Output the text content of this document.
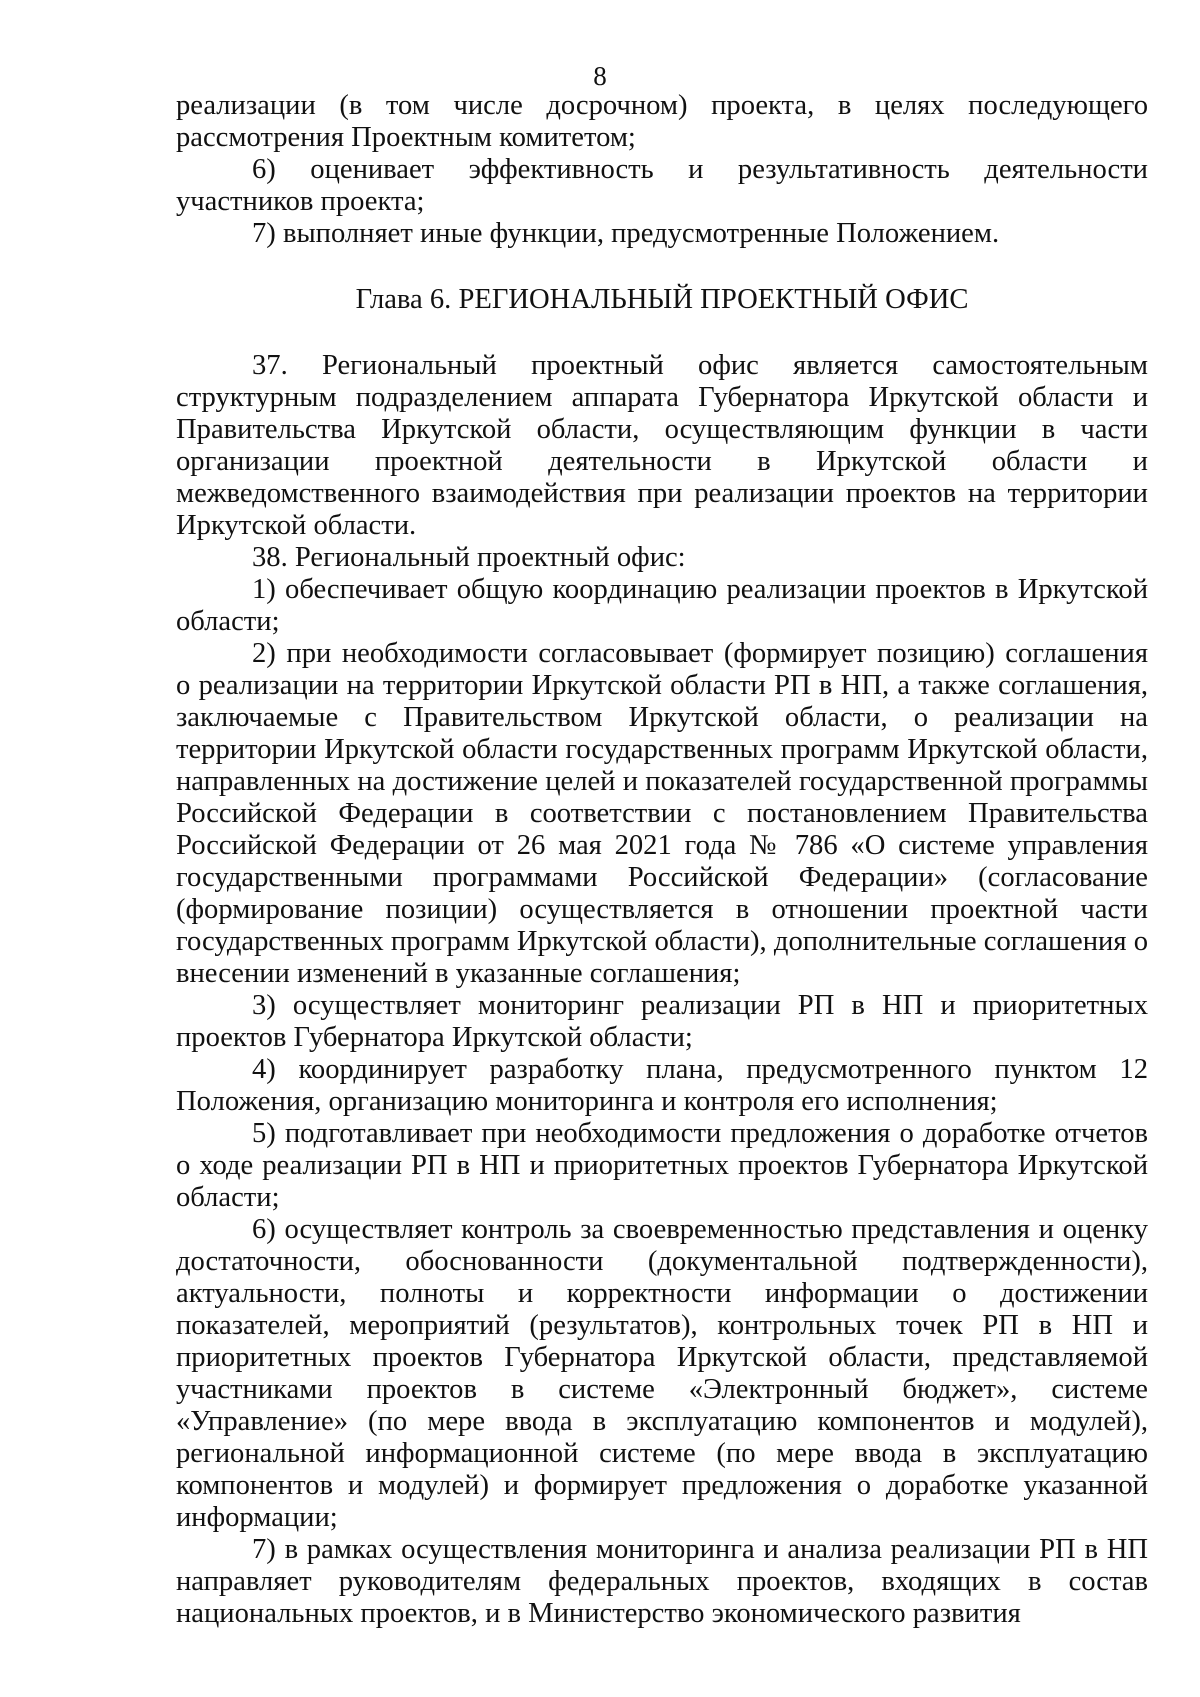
8

реализации (в том числе досрочном) проекта, в целях последующего рассмотрения Проектным комитетом;

6) оценивает эффективность и результативность деятельности участников проекта;

7) выполняет иные функции, предусмотренные Положением.

Глава 6. РЕГИОНАЛЬНЫЙ ПРОЕКТНЫЙ ОФИС

37. Региональный проектный офис является самостоятельным структурным подразделением аппарата Губернатора Иркутской области и Правительства Иркутской области, осуществляющим функции в части организации проектной деятельности в Иркутской области и межведомственного взаимодействия при реализации проектов на территории Иркутской области.

38. Региональный проектный офис:

1) обеспечивает общую координацию реализации проектов в Иркутской области;

2) при необходимости согласовывает (формирует позицию) соглашения о реализации на территории Иркутской области РП в НП, а также соглашения, заключаемые с Правительством Иркутской области, о реализации на территории Иркутской области государственных программ Иркутской области, направленных на достижение целей и показателей государственной программы Российской Федерации в соответствии с постановлением Правительства Российской Федерации от 26 мая 2021 года № 786 «О системе управления государственными программами Российской Федерации» (согласование (формирование позиции) осуществляется в отношении проектной части государственных программ Иркутской области), дополнительные соглашения о внесении изменений в указанные соглашения;

3) осуществляет мониторинг реализации РП в НП и приоритетных проектов Губернатора Иркутской области;

4) координирует разработку плана, предусмотренного пунктом 12 Положения, организацию мониторинга и контроля его исполнения;

5) подготавливает при необходимости предложения о доработке отчетов о ходе реализации РП в НП и приоритетных проектов Губернатора Иркутской области;

6) осуществляет контроль за своевременностью представления и оценку достаточности, обоснованности (документальной подтвержденности), актуальности, полноты и корректности информации о достижении показателей, мероприятий (результатов), контрольных точек РП в НП и приоритетных проектов Губернатора Иркутской области, представляемой участниками проектов в системе «Электронный бюджет», системе «Управление» (по мере ввода в эксплуатацию компонентов и модулей), региональной информационной системе (по мере ввода в эксплуатацию компонентов и модулей) и формирует предложения о доработке указанной информации;

7) в рамках осуществления мониторинга и анализа реализации РП в НП направляет руководителям федеральных проектов, входящих в состав национальных проектов, и в Министерство экономического развития
